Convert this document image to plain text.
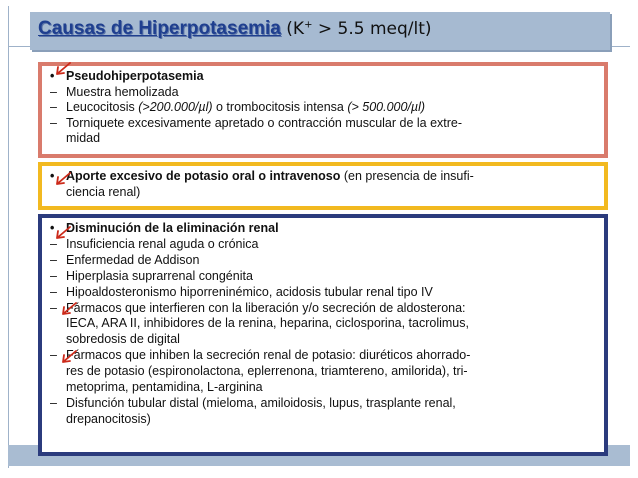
Causas de Hiperpotasemia (K+ > 5.5 meq/lt)
• Pseudohiperpotasemia
– Muestra hemolizada
– Leucocitosis (>200.000/µl) o trombocitosis intensa (> 500.000/µl)
– Torniquete excesivamente apretado o contracción muscular de la extre-
midad
• Aporte excesivo de potasio oral o intravenoso (en presencia de insufi-
ciencia renal)
• Disminución de la eliminación renal
– Insuficiencia renal aguda o crónica
– Enfermedad de Addison
– Hiperplasia suprarrenal congénita
– Hipoaldosteronismo hiporreninémico, acidosis tubular renal tipo IV
– Fármacos que interfieren con la liberación y/o secreción de aldosterona:
IECA, ARA II, inhibidores de la renina, heparina, ciclosporina, tacrolimus,
sobredosis de digital
– Fármacos que inhiben la secreción renal de potasio: diuréticos ahorrado-
res de potasio (espironolactona, eplerrenona, triamtereno, amilorida), tri-
metoprima, pentamidina, L-arginina
– Disfunción tubular distal (mieloma, amiloidosis, lupus, trasplante renal,
drepanocitosis)
